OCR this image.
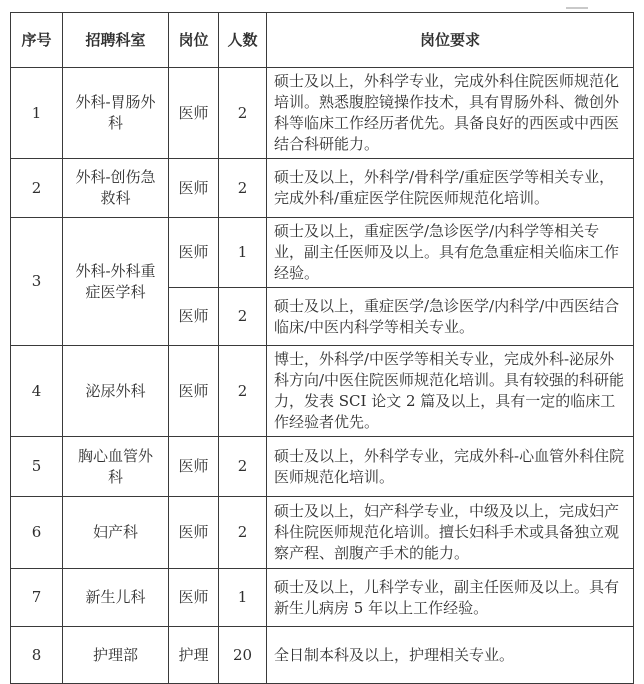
序号	招聘科室	岗位	人数	岗位要求
1	外科-胃肠外科	医师	2	硕士及以上，外科学专业，完成外科住院医师规范化培训。熟悉腹腔镜操作技术，具有胃肠外科、微创外科等临床工作经历者优先。具备良好的西医或中西医结合科研能力。
2	外科-创伤急救科	医师	2	硕士及以上，外科学/骨科学/重症医学等相关专业，完成外科/重症医学住院医师规范化培训。
3	外科-外科重症医学科	医师	1	硕士及以上，重症医学/急诊医学/内科学等相关专业，副主任医师及以上。具有危急重症相关临床工作经验。
		医师	2	硕士及以上，重症医学/急诊医学/内科学/中西医结合临床/中医内科学等相关专业。
4	泌尿外科	医师	2	博士，外科学/中医学等相关专业，完成外科-泌尿外科方向/中医住院医师规范化培训。具有较强的科研能力，发表 SCI 论文 2 篇及以上，具有一定的临床工作经验者优先。
5	胸心血管外科	医师	2	硕士及以上，外科学专业，完成外科-心血管外科住院医师规范化培训。
6	妇产科	医师	2	硕士及以上，妇产科学专业，中级及以上，完成妇产科住院医师规范化培训。擅长妇科手术或具备独立观察产程、剖腹产手术的能力。
7	新生儿科	医师	1	硕士及以上，儿科学专业，副主任医师及以上。具有新生儿病房 5 年以上工作经验。
8	护理部	护理	20	全日制本科及以上，护理相关专业。
